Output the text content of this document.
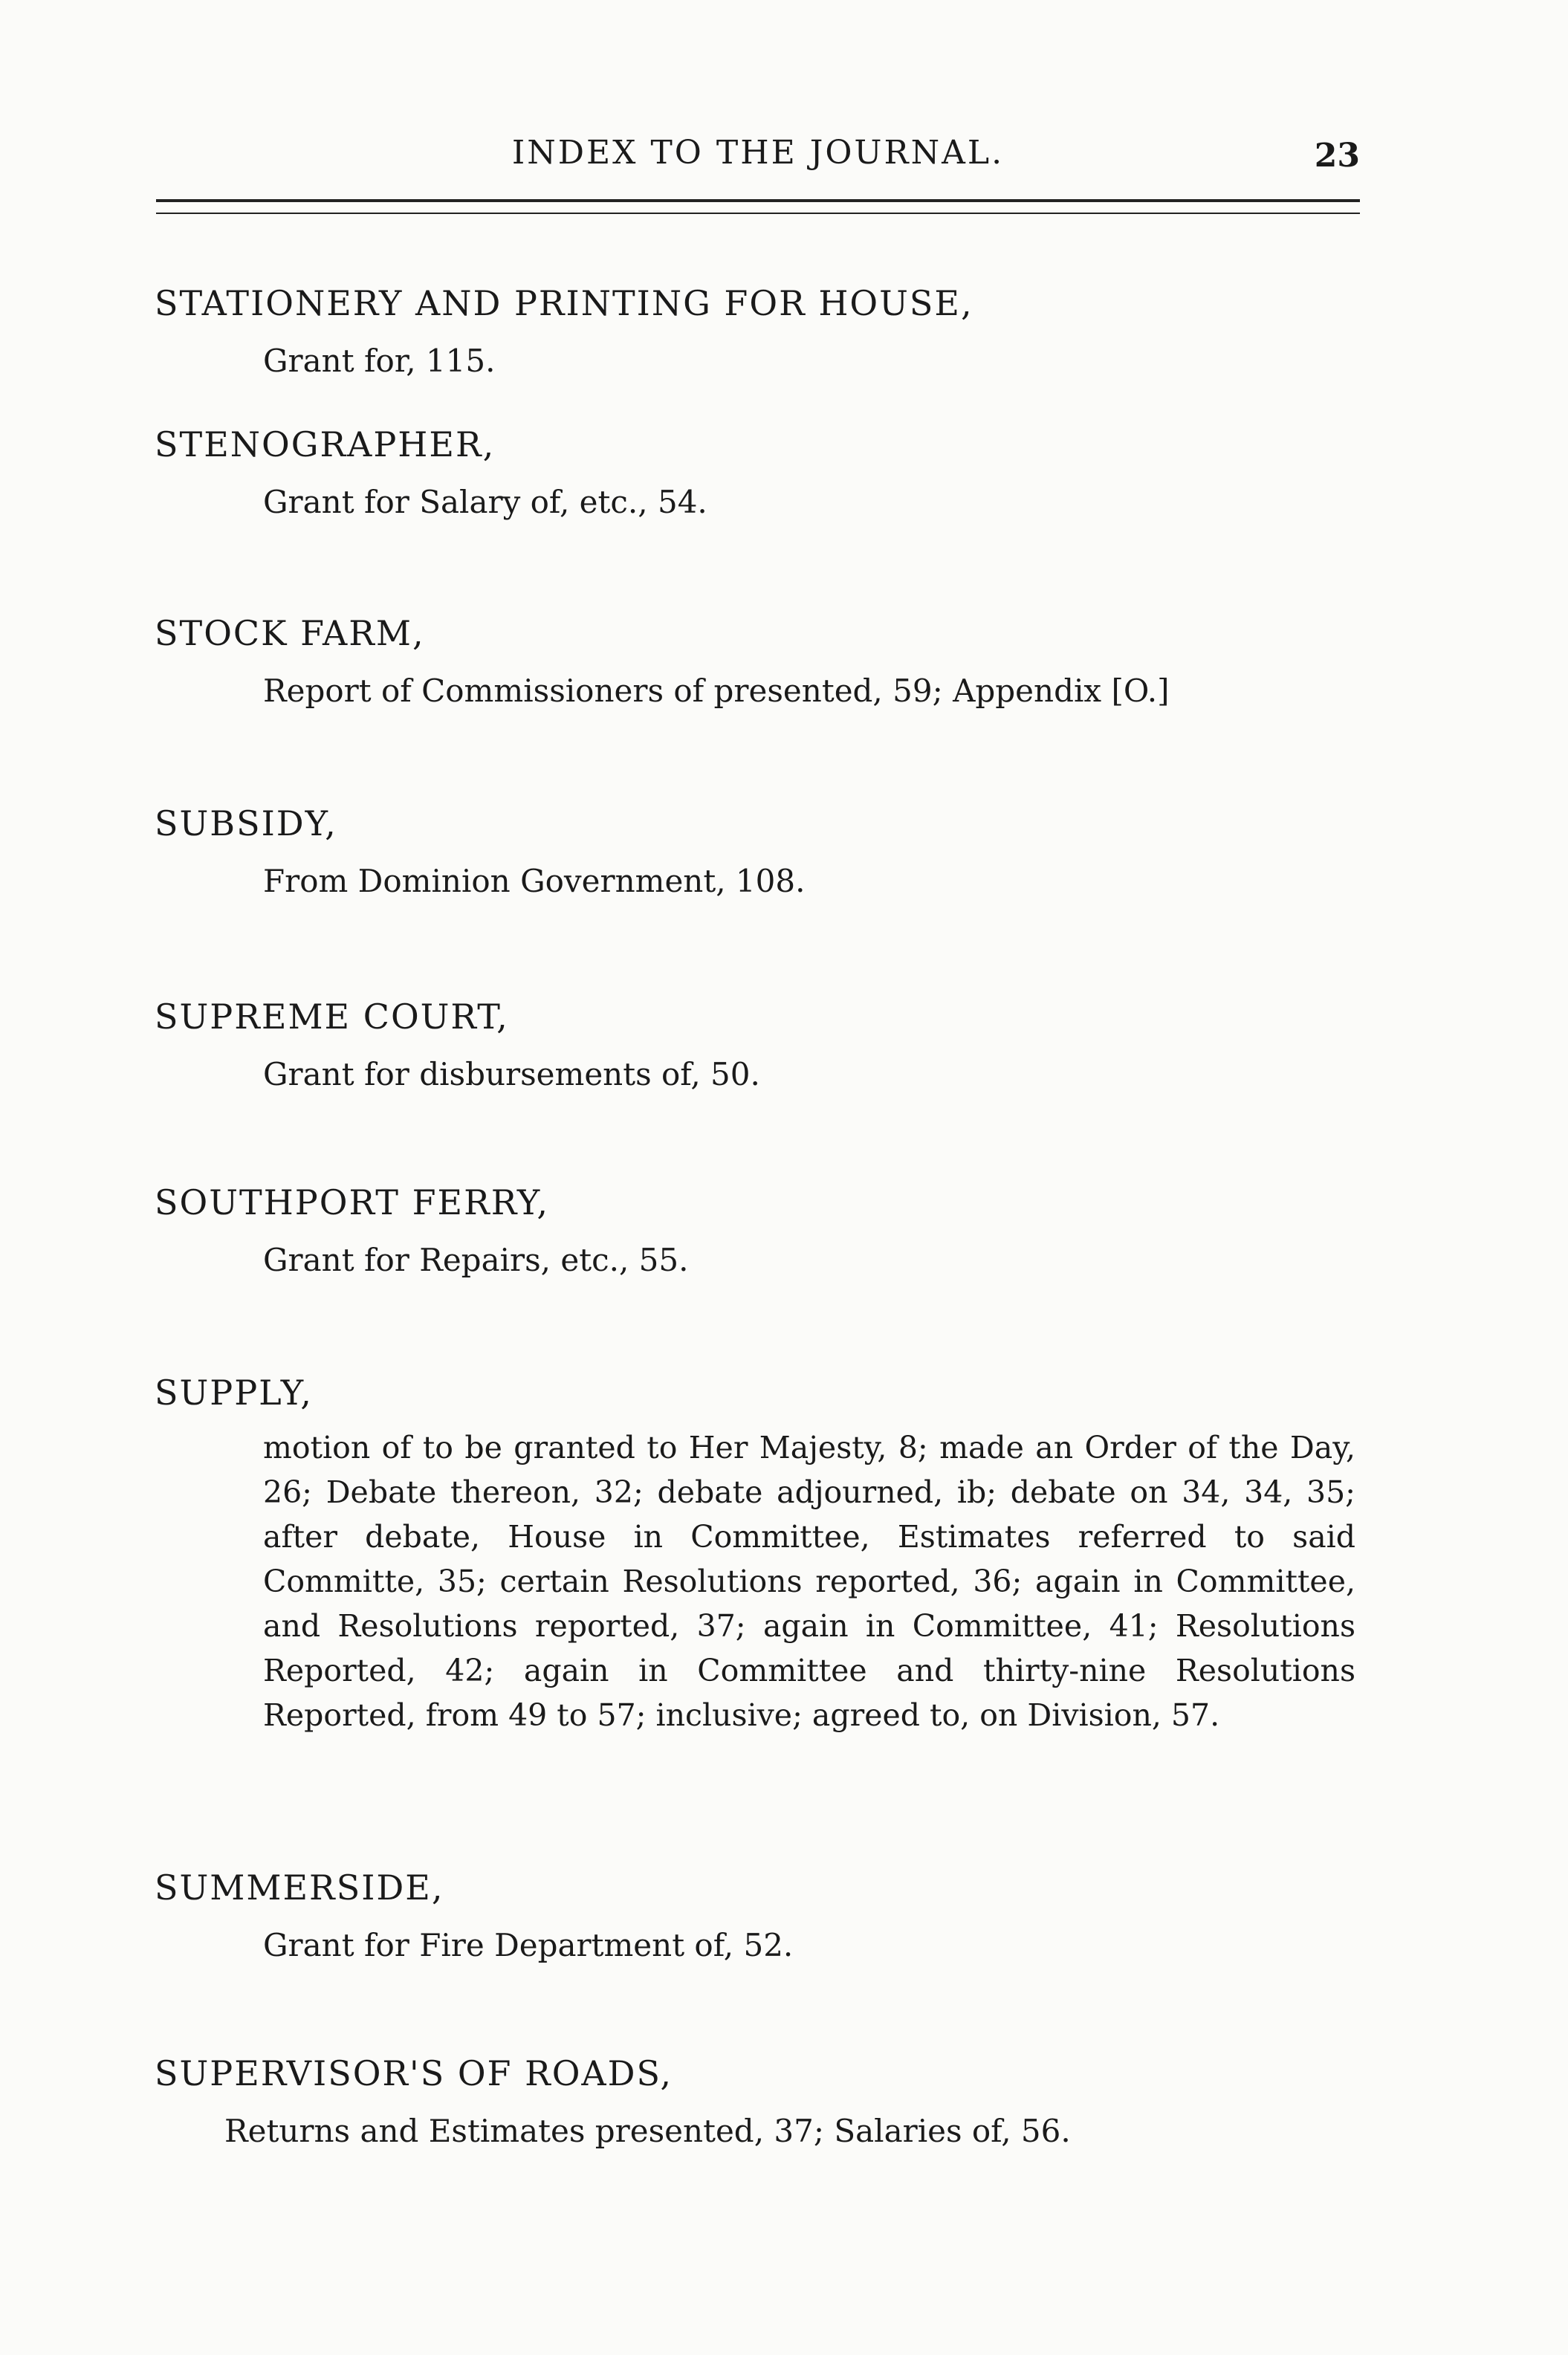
INDEX TO THE JOURNAL.	23
STATIONERY AND PRINTING FOR HOUSE,
Grant for, 115.
STENOGRAPHER,
Grant for Salary of, etc., 54.
STOCK FARM,
Report of Commissioners of presented, 59; Appendix [O.]
SUBSIDY,
From Dominion Government, 108.
SUPREME COURT,
Grant for disbursements of, 50.
SOUTHPORT FERRY,
Grant for Repairs, etc., 55.
SUPPLY,
motion of to be granted to Her Majesty, 8; made an Order of the Day, 26; Debate thereon, 32; debate adjourned, ib; debate on 34, 34, 35; after debate, House in Committee, Estimates referred to said Committe, 35; certain Resolutions reported, 36; again in Committee, and Resolutions reported, 37; again in Committee, 41; Resolutions Reported, 42; again in Committee and thirty-nine Resolutions Reported, from 49 to 57; inclusive; agreed to, on Division, 57.
SUMMERSIDE,
Grant for Fire Department of, 52.
SUPERVISOR'S OF ROADS,
Returns and Estimates presented, 37; Salaries of, 56.
